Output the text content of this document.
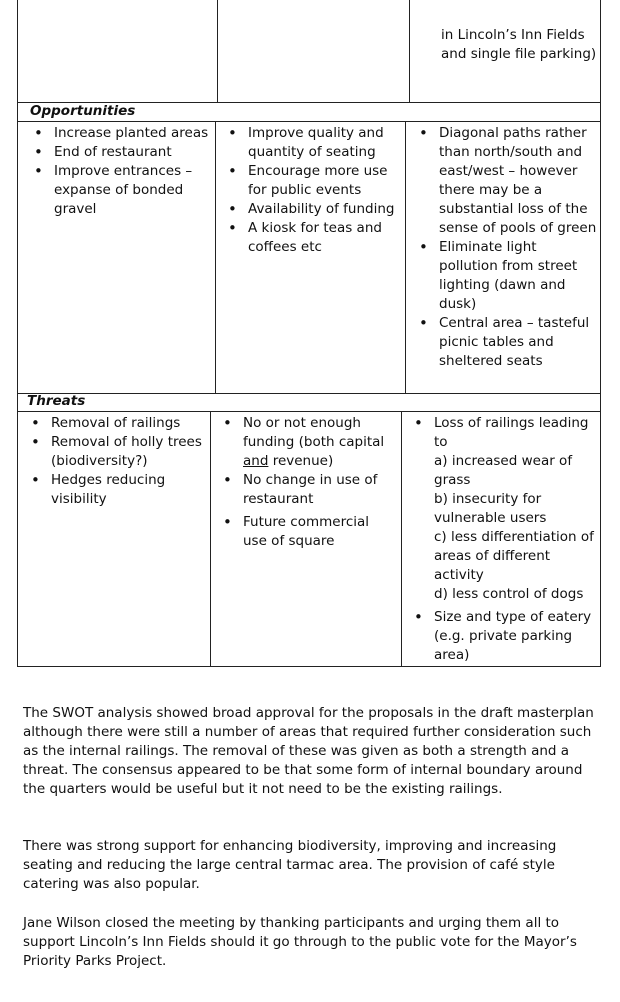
in Lincoln’s Inn Fields
and single file parking)
Opportunities
• Increase planted areas
• End of restaurant
• Improve entrances – expanse of bonded gravel
• Improve quality and quantity of seating
• Encourage more use for public events
• Availability of funding
• A kiosk for teas and coffees etc
• Diagonal paths rather than north/south and east/west – however there may be a substantial loss of the sense of pools of green
• Eliminate light pollution from street lighting (dawn and dusk)
• Central area – tasteful picnic tables and sheltered seats
Threats
• Removal of railings
• Removal of holly trees (biodiversity?)
• Hedges reducing visibility
• No or not enough funding (both capital and revenue)
• No change in use of restaurant
• Future commercial use of square
• Loss of railings leading to
a) increased wear of grass
b) insecurity for vulnerable users
c) less differentiation of areas of different activity
d) less control of dogs
• Size and type of eatery (e.g. private parking area)

The SWOT analysis showed broad approval for the proposals in the draft masterplan although there were still a number of areas that required further consideration such as the internal railings. The removal of these was given as both a strength and a threat. The consensus appeared to be that some form of internal boundary around the quarters would be useful but it not need to be the existing railings.

There was strong support for enhancing biodiversity, improving and increasing seating and reducing the large central tarmac area. The provision of café style catering was also popular.

Jane Wilson closed the meeting by thanking participants and urging them all to support Lincoln’s Inn Fields should it go through to the public vote for the Mayor’s Priority Parks Project.
